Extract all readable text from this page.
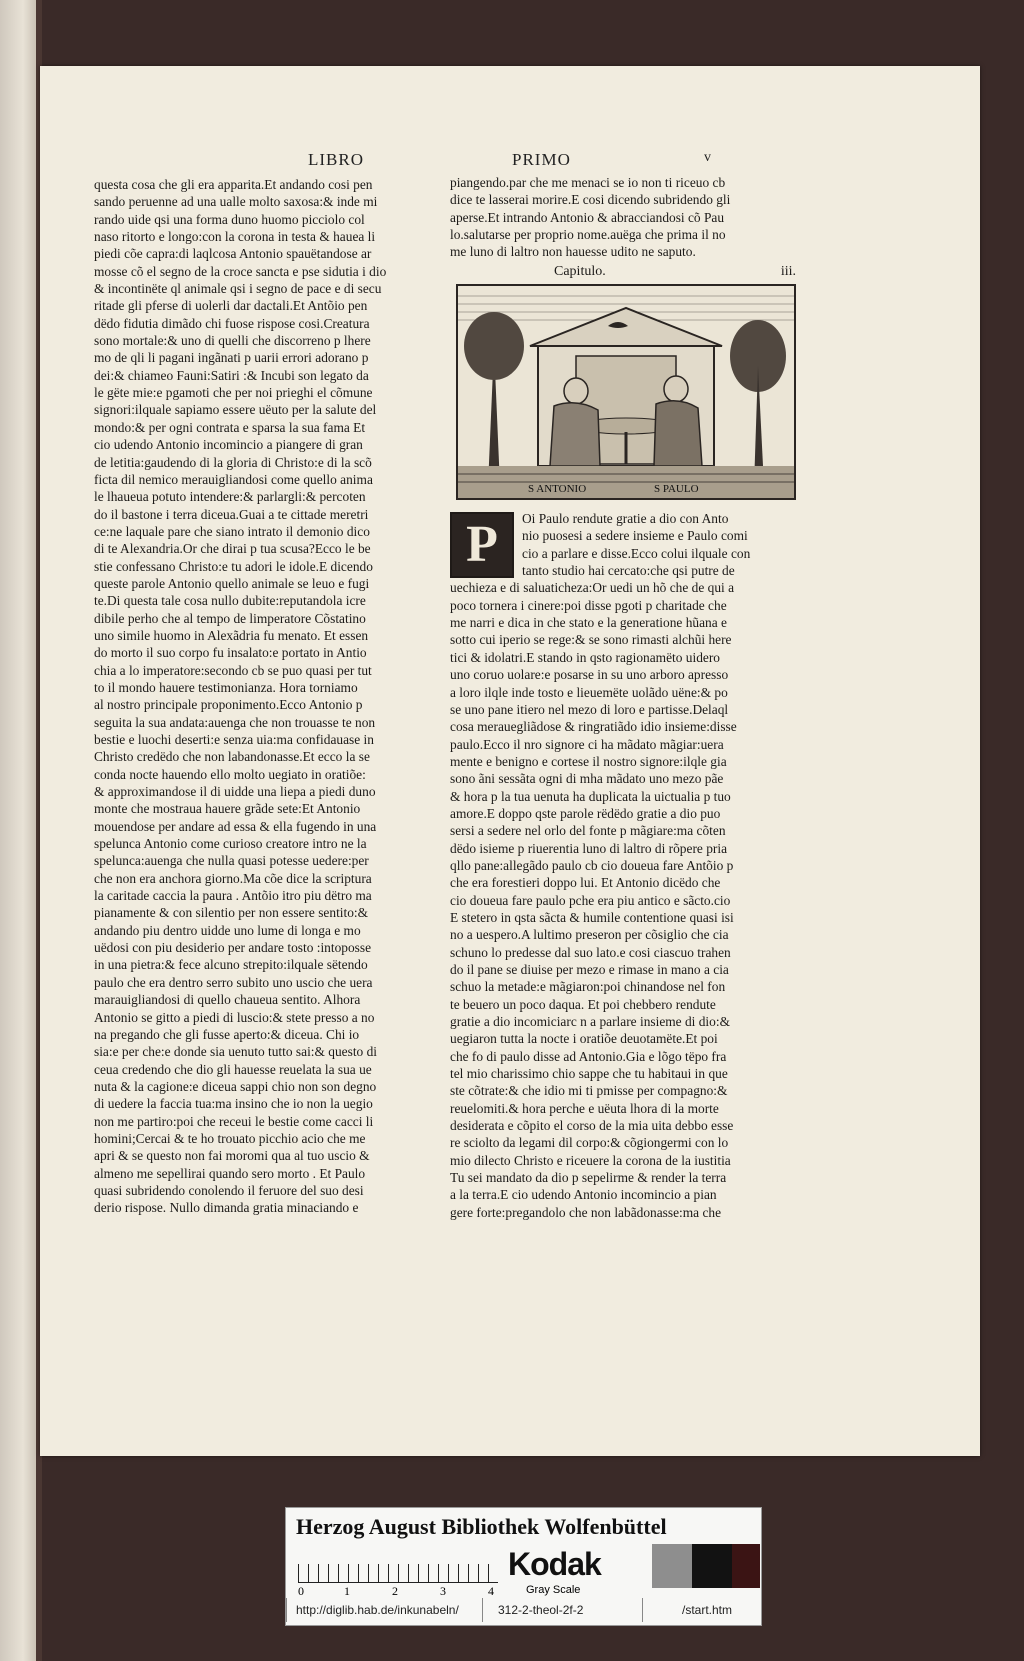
LIBRO	PRIMO	v
questa cosa che gli era apparita.Et andando cosi pen
sando peruenne ad una ualle molto saxosa:& inde mi
rando uide qsi una forma duno huomo picciolo col
naso ritorto e longo:con la corona in testa & hauea li
piedi cõe capra:di laqlcosa Antonio spauëtandose ar
mosse cõ el segno de la croce sancta e pse sidutia i dio
& incontinëte ql animale qsi i segno de pace e di secu
ritade gli pferse di uolerli dar dactali.Et Antõio pen
dëdo fidutia dimãdo chi fuose rispose cosi.Creatura
sono mortale:& uno di quelli che discorreno p lhere
mo de qli li pagani ingãnati p uarii errori adorano p
dei:& chiameo Fauni:Satiri :& Incubi son legato da
le gëte mie:e pgamoti che per noi prieghi el cõmune
signori:ilquale sapiamo essere uëuto per la salute del
mondo:& per ogni contrata e sparsa la sua fama Et
cio udendo Antonio incomincio a piangere di gran
de letitia:gaudendo di la gloria di Christo:e di la scõ
ficta dil nemico merauigliandosi come quello anima
le lhaueua potuto intendere:& parlargli:& percoten
do il bastone i terra diceua.Guai a te cittade meretri
ce:ne laquale pare che siano intrato il demonio dico
di te Alexandria.Or che dirai p tua scusa?Ecco le be
stie confessano Christo:e tu adori le idole.E dicendo
queste parole Antonio quello animale se leuo e fugi
te.Di questa tale cosa nullo dubite:reputandola icre
dibile perho che al tempo de limperatore Cõstatino
uno simile huomo in Alexãdria fu menato. Et essen
do morto il suo corpo fu insalato:e portato in Antio
chia a lo imperatore:secondo cb se puo quasi per tut
to il mondo hauere testimonianza. Hora torniamo
al nostro principale proponimento.Ecco Antonio p
seguita la sua andata:auenga che non trouasse te non
bestie e luochi deserti:e senza uia:ma confidauase in
Christo credëdo che non labandonasse.Et ecco la se
conda nocte hauendo ello molto uegiato in oratiõe:
& approximandose il di uidde una liepa a piedi duno
monte che mostraua hauere grãde sete:Et Antonio
mouendose per andare ad essa & ella fugendo in una
spelunca Antonio come curioso creatore intro ne la
spelunca:auenga che nulla quasi potesse uedere:per
che non era anchora giorno.Ma cõe dice la scriptura
la caritade caccia la paura . Antõio itro piu dëtro ma
pianamente & con silentio per non essere sentito:&
andando piu dentro uidde uno lume di longa e mo
uëdosi con piu desiderio per andare tosto :intoposse
in una pietra:& fece alcuno strepito:ilquale sëtendo
paulo che era dentro serro subito uno uscio che uera
marauigliandosi di quello chaueua sentito. Alhora
Antonio se gitto a piedi di luscio:& stete presso a no
na pregando che gli fusse aperto:& diceua. Chi io
sia:e per che:e donde sia uenuto tutto sai:& questo di
ceua credendo che dio gli hauesse reuelata la sua ue
nuta & la cagione:e diceua sappi chio non son degno
di uedere la faccia tua:ma insino che io non la uegio
non me partiro:poi che receui le bestie come cacci li
homini;Cercai & te ho trouato picchio acio che me
apri & se questo non fai moromi qua al tuo uscio &
almeno me sepellirai quando sero morto . Et Paulo
quasi subridendo conolendo il feruore del suo desi
derio rispose. Nullo dimanda gratia minaciando e
piangendo.par che me menaci se io non ti riceuo cb
dice te lasserai morire.E cosi dicendo subridendo gli
aperse.Et intrando Antonio & abracciandosi cõ Pau
lo.salutarse per proprio nome.auëga che prima il no
me luno di laltro non hauesse udito ne saputo.
Capitulo.	iii.
S ANTONIO	S PAULO
P	Oi Paulo rendute gratie a dio con Anto
nio puosesi a sedere insieme e Paulo comi
cio a parlare e disse.Ecco colui ilquale con
tanto studio hai cercato:che qsi putre de
uechieza e di saluaticheza:Or uedi un hõ che de qui a
poco tornera i cinere:poi disse pgoti p charitade che
me narri e dica in che stato e la generatione hũana e
sotto cui iperio se rege:& se sono rimasti alchũi here
tici & idolatri.E stando in qsto ragionamëto uidero
uno coruo uolare:e posarse in su uno arboro apresso
a loro ilqle inde tosto e lieuemëte uolãdo uëne:& po
se uno pane itiero nel mezo di loro e partisse.Delaql
cosa merauegliãdose & ringratiãdo idio insieme:disse
paulo.Ecco il nro signore ci ha mãdato mãgiar:uera
mente e benigno e cortese il nostro signore:ilqle gia
sono ãni sessãta ogni di mha mãdato uno mezo pãe
& hora p la tua uenuta ha duplicata la uictualia p tuo
amore.E doppo qste parole rëdëdo gratie a dio puo
sersi a sedere nel orlo del fonte p mãgiare:ma cõten
dëdo isieme p riuerentia luno di laltro di rõpere pria
qllo pane:allegãdo paulo cb cio doueua fare Antõio p
che era forestieri doppo lui. Et Antonio dicëdo che
cio doueua fare paulo pche era piu antico e sãcto.cio
E stetero in qsta sãcta & humile contentione quasi isi
no a uespero.A lultimo preseron per cõsiglio che cia
schuno lo predesse dal suo lato.e cosi ciascuo trahen
do il pane se diuise per mezo e rimase in mano a cia
schuo la metade:e mãgiaron:poi chinandose nel fon
te beuero un poco daqua. Et poi chebbero rendute
gratie a dio incomiciarc n a parlare insieme di dio:&
uegiaron tutta la nocte i oratiõe deuotamëte.Et poi
che fo di paulo disse ad Antonio.Gia e lõgo tëpo fra
tel mio charissimo chio sappe che tu habitaui in que
ste cõtrate:& che idio mi ti pmisse per compagno:&
reuelomiti.& hora perche e uëuta lhora di la morte
desiderata e cõpito el corso de la mia uita debbo esse
re sciolto da legami dil corpo:& cõgiongermi con lo
mio dilecto Christo e riceuere la corona de la iustitia
Tu sei mandato da dio p sepelirme & render la terra
a la terra.E cio udendo Antonio incomincio a pian
gere forte:pregandolo che non labãdonasse:ma che
Herzog August Bibliothek Wolfenbüttel
0	1	2	3	4
Kodak
Gray Scale
http://diglib.hab.de/inkunabeln/	312-2-theol-2f-2	/start.htm
